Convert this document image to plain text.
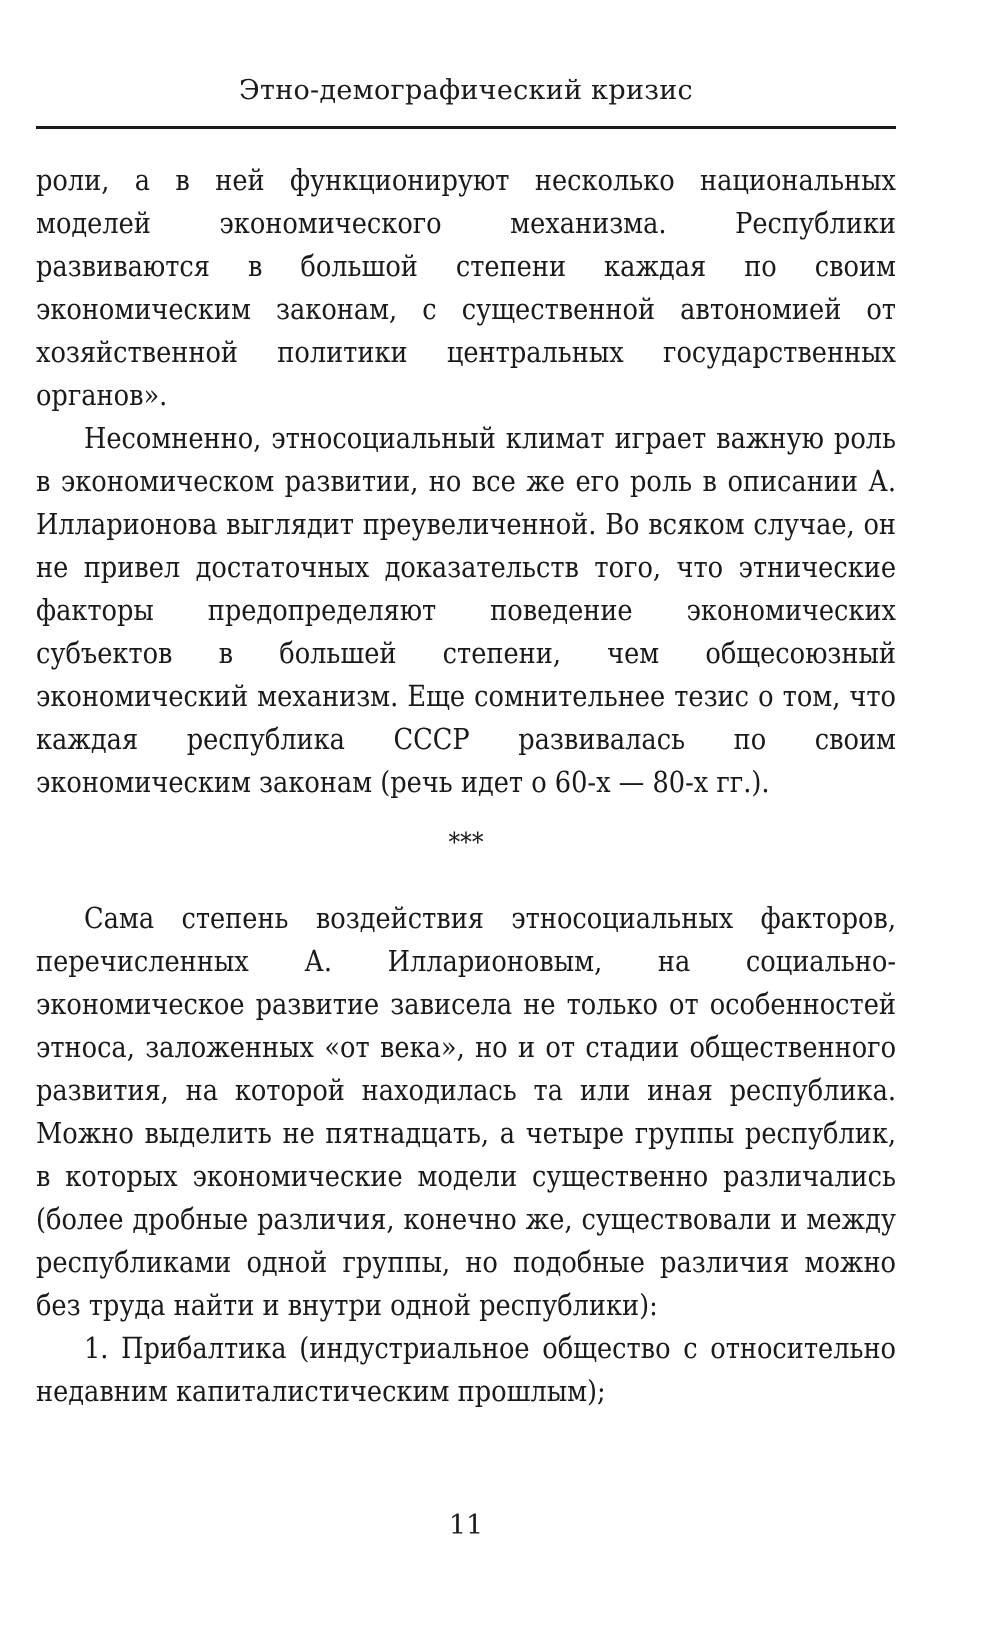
Этно-демографический кризис

роли, а в ней функционируют несколько национальных моделей экономического механизма. Республики развиваются в большой степени каждая по своим экономическим законам, с существенной автономией от хозяйственной политики центральных государственных органов».

Несомненно, этносоциальный климат играет важную роль в экономическом развитии, но все же его роль в описании А. Илларионова выглядит преувеличенной. Во всяком случае, он не привел достаточных доказательств того, что этнические факторы предопределяют поведение экономических субъектов в большей степени, чем общесоюзный экономический механизм. Еще сомнительнее тезис о том, что каждая республика СССР развивалась по своим экономическим законам (речь идет о 60-х — 80-х гг.).

***

Сама степень воздействия этносоциальных факторов, перечисленных А. Илларионовым, на социально-экономическое развитие зависела не только от особенностей этноса, заложенных «от века», но и от стадии общественного развития, на которой находилась та или иная республика. Можно выделить не пятнадцать, а четыре группы республик, в которых экономические модели существенно различались (более дробные различия, конечно же, существовали и между республиками одной группы, но подобные различия можно без труда найти и внутри одной республики):

1. Прибалтика (индустриальное общество с относительно недавним капиталистическим прошлым);

11
